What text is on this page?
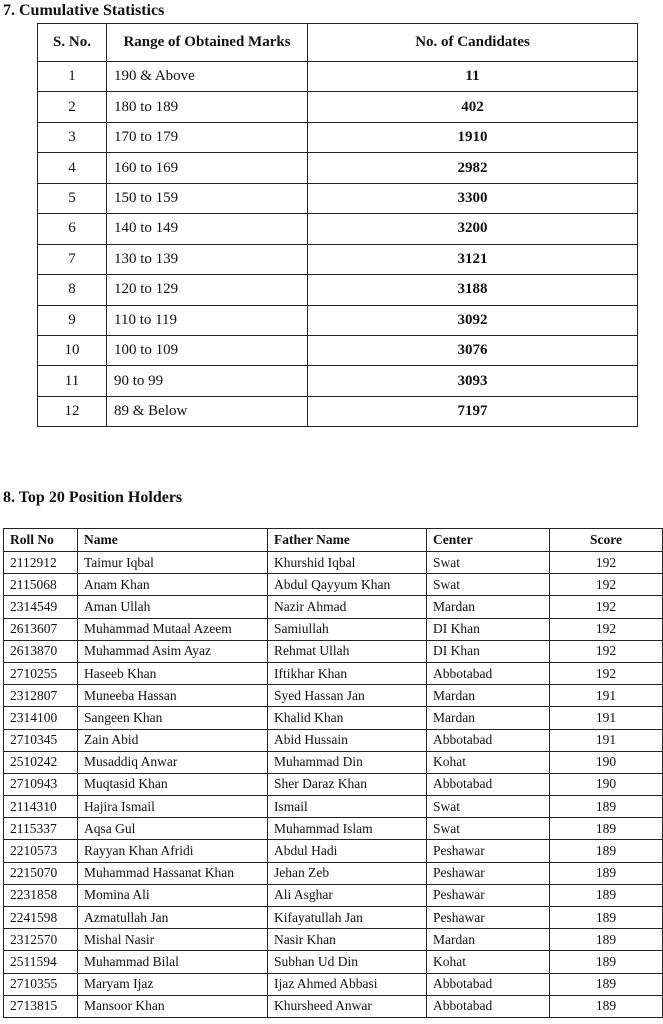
7. Cumulative Statistics
S. No.	Range of Obtained Marks	No. of Candidates
1	190 & Above	11
2	180 to 189	402
3	170 to 179	1910
4	160 to 169	2982
5	150 to 159	3300
6	140 to 149	3200
7	130 to 139	3121
8	120 to 129	3188
9	110 to 119	3092
10	100 to 109	3076
11	90 to 99	3093
12	89 & Below	7197
8. Top 20 Position Holders
Roll No	Name	Father Name	Center	Score
2112912	Taimur Iqbal	Khurshid Iqbal	Swat	192
2115068	Anam Khan	Abdul Qayyum Khan	Swat	192
2314549	Aman Ullah	Nazir Ahmad	Mardan	192
2613607	Muhammad Mutaal Azeem	Samiullah	DI Khan	192
2613870	Muhammad Asim Ayaz	Rehmat Ullah	DI Khan	192
2710255	Haseeb Khan	Iftikhar Khan	Abbotabad	192
2312807	Muneeba Hassan	Syed Hassan Jan	Mardan	191
2314100	Sangeen Khan	Khalid Khan	Mardan	191
2710345	Zain Abid	Abid Hussain	Abbotabad	191
2510242	Musaddiq Anwar	Muhammad Din	Kohat	190
2710943	Muqtasid Khan	Sher Daraz Khan	Abbotabad	190
2114310	Hajira Ismail	Ismail	Swat	189
2115337	Aqsa Gul	Muhammad Islam	Swat	189
2210573	Rayyan Khan Afridi	Abdul Hadi	Peshawar	189
2215070	Muhammad Hassanat Khan	Jehan Zeb	Peshawar	189
2231858	Momina Ali	Ali Asghar	Peshawar	189
2241598	Azmatullah Jan	Kifayatullah Jan	Peshawar	189
2312570	Mishal Nasir	Nasir Khan	Mardan	189
2511594	Muhammad Bilal	Subhan Ud Din	Kohat	189
2710355	Maryam Ijaz	Ijaz Ahmed Abbasi	Abbotabad	189
2713815	Mansoor Khan	Khursheed Anwar	Abbotabad	189
